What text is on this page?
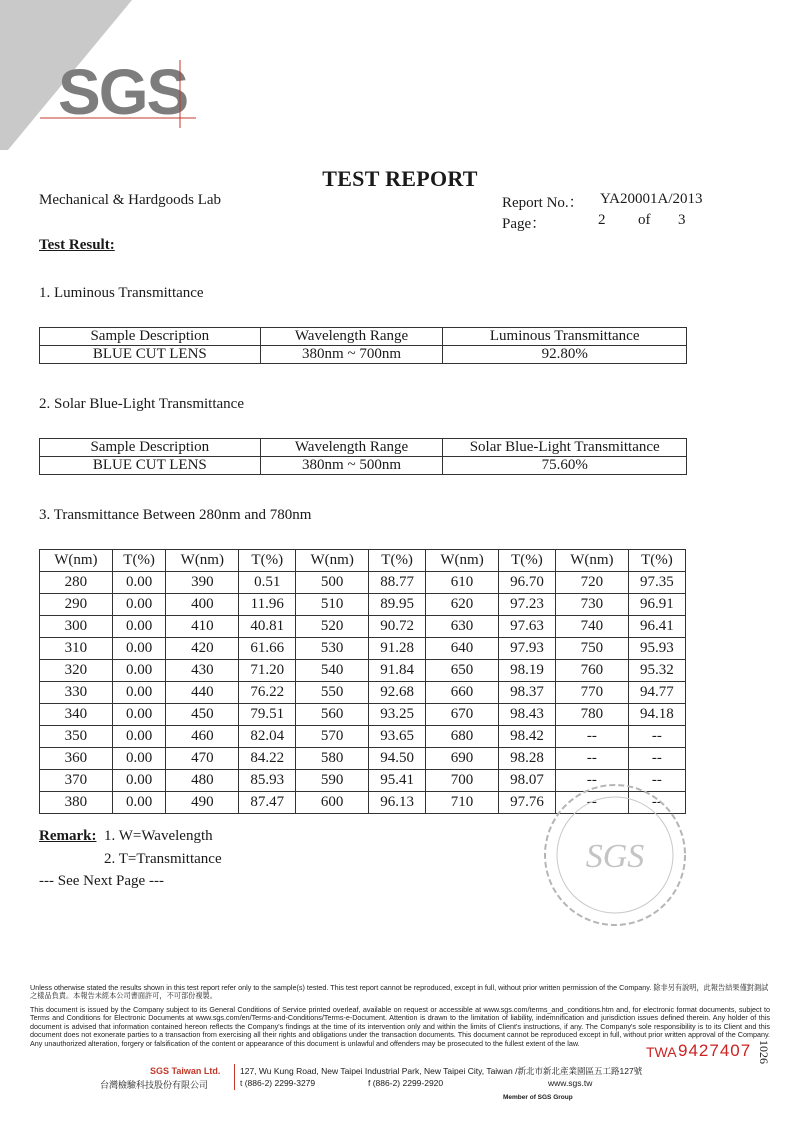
SGS
TEST REPORT
Mechanical & Hardgoods Lab	Report No.： YA20001A/2013
Page：	2 of 3
Test Result:
1. Luminous Transmittance
Sample Description	Wavelength Range	Luminous Transmittance
BLUE CUT LENS	380nm ~ 700nm	92.80%
2. Solar Blue-Light Transmittance
Sample Description	Wavelength Range	Solar Blue-Light Transmittance
BLUE CUT LENS	380nm ~ 500nm	75.60%
3. Transmittance Between 280nm and 780nm
W(nm)	T(%)	W(nm)	T(%)	W(nm)	T(%)	W(nm)	T(%)	W(nm)	T(%)
280	0.00	390	0.51	500	88.77	610	96.70	720	97.35
290	0.00	400	11.96	510	89.95	620	97.23	730	96.91
300	0.00	410	40.81	520	90.72	630	97.63	740	96.41
310	0.00	420	61.66	530	91.28	640	97.93	750	95.93
320	0.00	430	71.20	540	91.84	650	98.19	760	95.32
330	0.00	440	76.22	550	92.68	660	98.37	770	94.77
340	0.00	450	79.51	560	93.25	670	98.43	780	94.18
350	0.00	460	82.04	570	93.65	680	98.42	--	--
360	0.00	470	84.22	580	94.50	690	98.28	--	--
370	0.00	480	85.93	590	95.41	700	98.07	--	--
380	0.00	490	87.47	600	96.13	710	97.76	--	--
Remark: 1. W=Wavelength
2. T=Transmittance
--- See Next Page ---
SGS
Unless otherwise stated the results shown in this test report refer only to the sample(s) tested. This test report cannot be reproduced, except in full, without prior written permission of the Company. 除非另有說明，此報告結果僅對測試之樣品負責。本報告未經本公司書面許可，不可部份複製。
This document is issued by the Company subject to its General Conditions of Service printed overleaf, available on request or accessible at www.sgs.com/terms_and_conditions.htm and, for electronic format documents, subject to Terms and Conditions for Electronic Documents at www.sgs.com/en/Terms-and-Conditions/Terms-e-Document. Attention is drawn to the limitation of liability, indemnification and jurisdiction issues defined therein. Any holder of this document is advised that information contained hereon reflects the Company's findings at the time of its intervention only and within the limits of Client's instructions, if any. The Company's sole responsibility is to its Client and this document does not exonerate parties to a transaction from exercising all their rights and obligations under the transaction documents. This document cannot be reproduced except in full, without prior written approval of the Company. Any unauthorized alteration, forgery or falsification of the content or appearance of this document is unlawful and offenders may be prosecuted to the fullest extent of the law.
TWA 9427407 1026
SGS Taiwan Ltd.
台灣檢驗科技股份有限公司
127, Wu Kung Road, New Taipei Industrial Park, New Taipei City, Taiwan /新北市新北產業園區五工路127號
t (886-2) 2299-3279	f (886-2) 2299-2920	www.sgs.tw
Member of SGS Group
